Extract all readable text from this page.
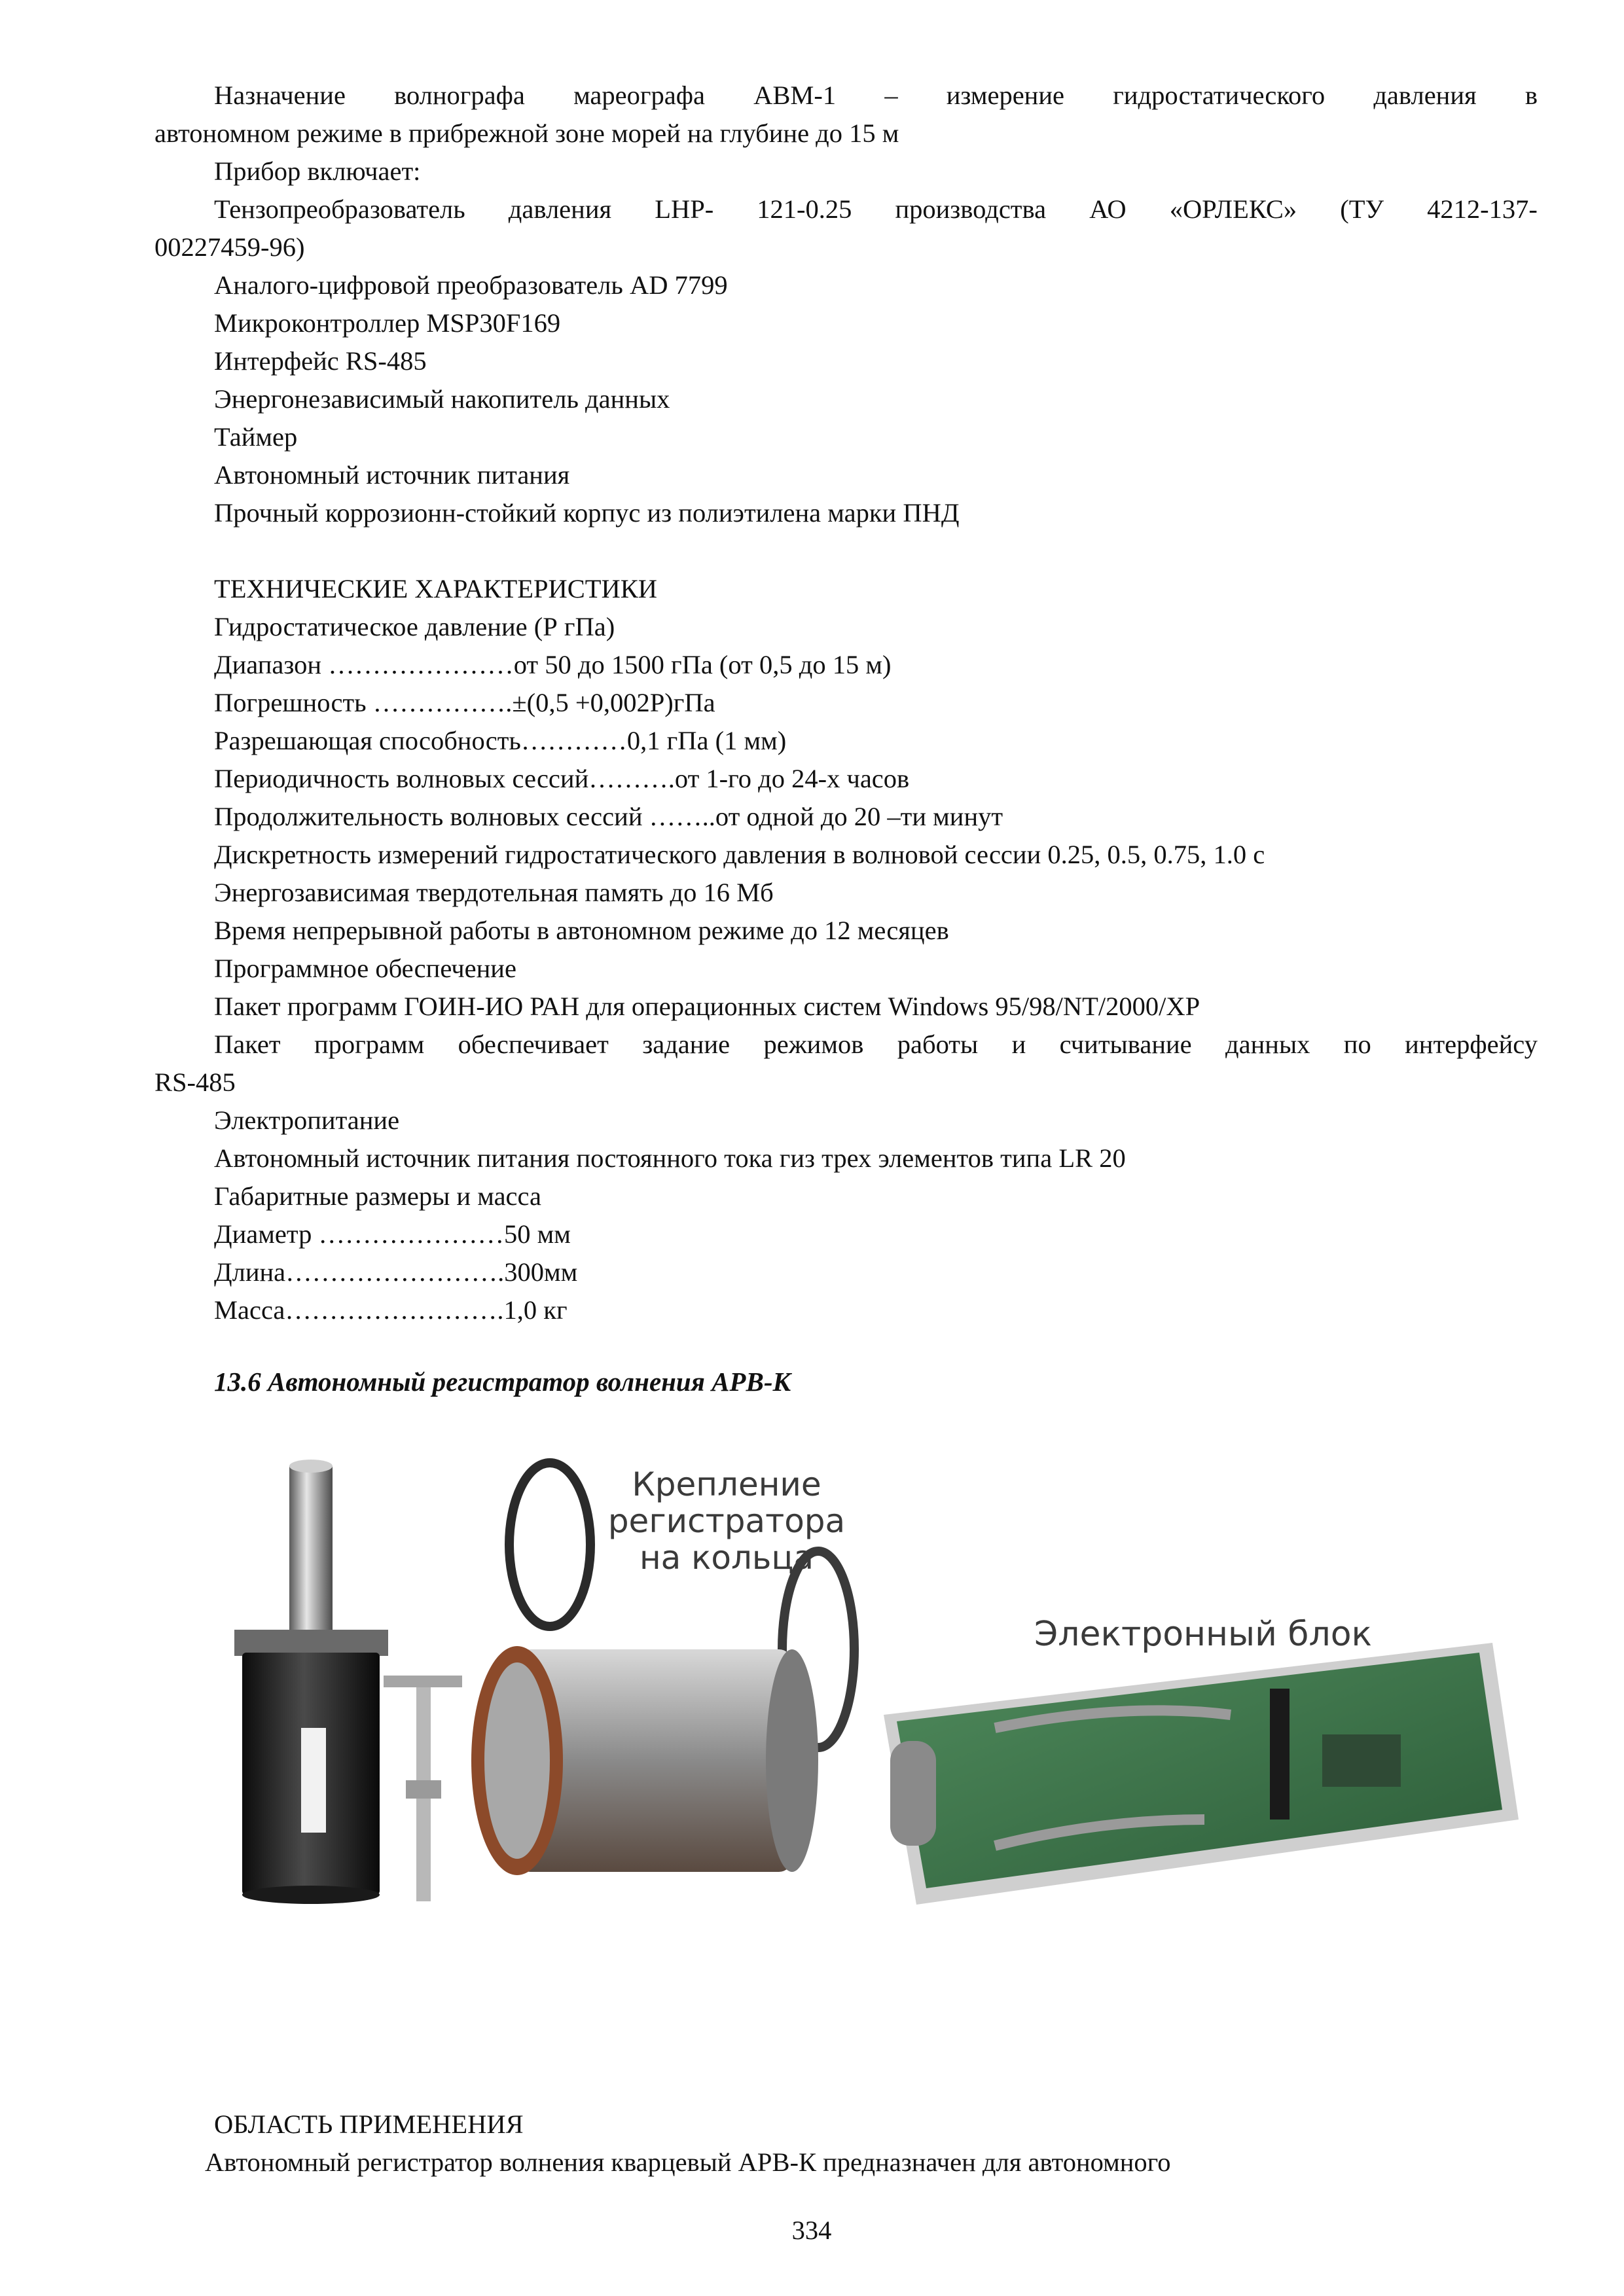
Назначение волнографа мареографа АВМ-1 – измерение гидростатического давления в
автономном режиме в прибрежной зоне морей на глубине до 15 м
Прибор включает:
Тензопреобразователь давления LHP- 121-0.25 производства АО «ОРЛЕКС» (ТУ 4212-137-
00227459-96)
Аналого-цифровой преобразователь AD 7799
Микроконтроллер MSP30F169
Интерфейс RS-485
Энергонезависимый накопитель данных
Таймер
Автономный источник питания
Прочный коррозионн-стойкий корпус из полиэтилена марки ПНД
ТЕХНИЧЕСКИЕ ХАРАКТЕРИСТИКИ
Гидростатическое давление (Р гПа)
Диапазон …………………от 50 до 1500 гПа (от 0,5 до 15 м)
Погрешность …………….±(0,5 +0,002Р)гПа
Разрешающая способность…………0,1 гПа (1 мм)
Периодичность волновых сессий……….от 1-го до 24-х часов
Продолжительность волновых сессий ……..от одной до 20 –ти минут
Дискретность измерений гидростатического давления в волновой сессии 0.25, 0.5, 0.75, 1.0 с
Энергозависимая твердотельная память до 16 Мб
Время непрерывной работы в автономном режиме до 12 месяцев
Программное обеспечение
Пакет программ ГОИН-ИО РАН для операционных систем Windows 95/98/NT/2000/XP
Пакет программ обеспечивает задание режимов работы и считывание данных по интерфейсу
RS-485
Электропитание
Автономный источник питания постоянного тока гиз трех элементов типа LR 20
Габаритные размеры и масса
Диаметр …………………50 мм
Длина…………………….300мм
Масса…………………….1,0 кг
13.6 Автономный регистратор волнения АРВ-К
Крепление
регистратора
на кольца
Электронный блок
ОБЛАСТЬ ПРИМЕНЕНИЯ
Автономный регистратор волнения кварцевый АРВ-К предназначен для автономного
334
